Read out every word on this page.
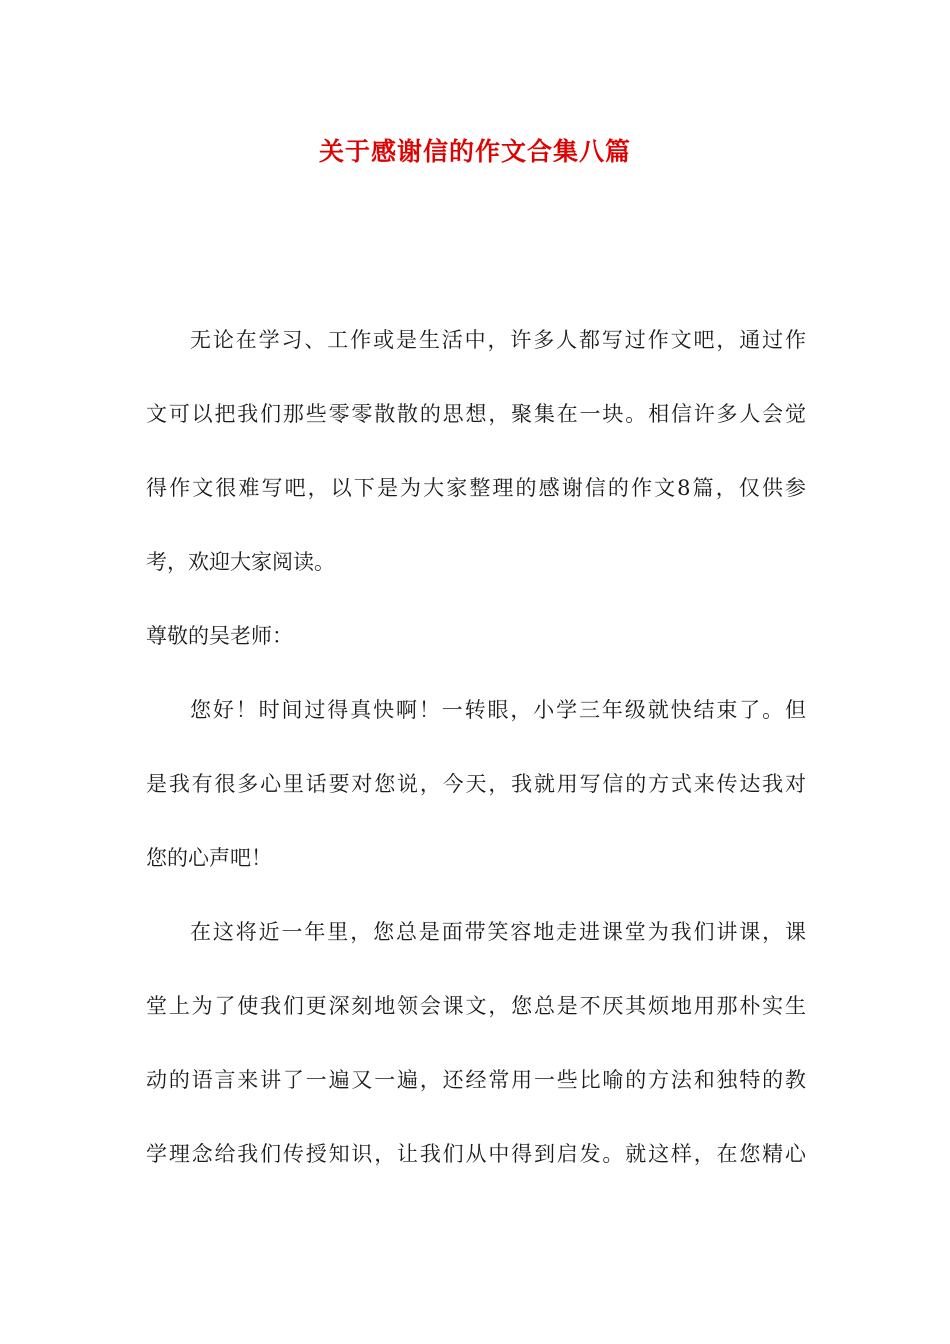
关于感谢信的作文合集八篇
无论在学习、工作或是生活中，许多人都写过作文吧，通过作
文可以把我们那些零零散散的思想，聚集在一块。相信许多人会觉
得作文很难写吧，以下是为大家整理的感谢信的作文8篇，仅供参
考，欢迎大家阅读。
尊敬的吴老师：
您好！时间过得真快啊！一转眼，小学三年级就快结束了。但
是我有很多心里话要对您说，今天，我就用写信的方式来传达我对
您的心声吧！
在这将近一年里，您总是面带笑容地走进课堂为我们讲课，课
堂上为了使我们更深刻地领会课文，您总是不厌其烦地用那朴实生
动的语言来讲了一遍又一遍，还经常用一些比喻的方法和独特的教
学理念给我们传授知识，让我们从中得到启发。就这样，在您精心
